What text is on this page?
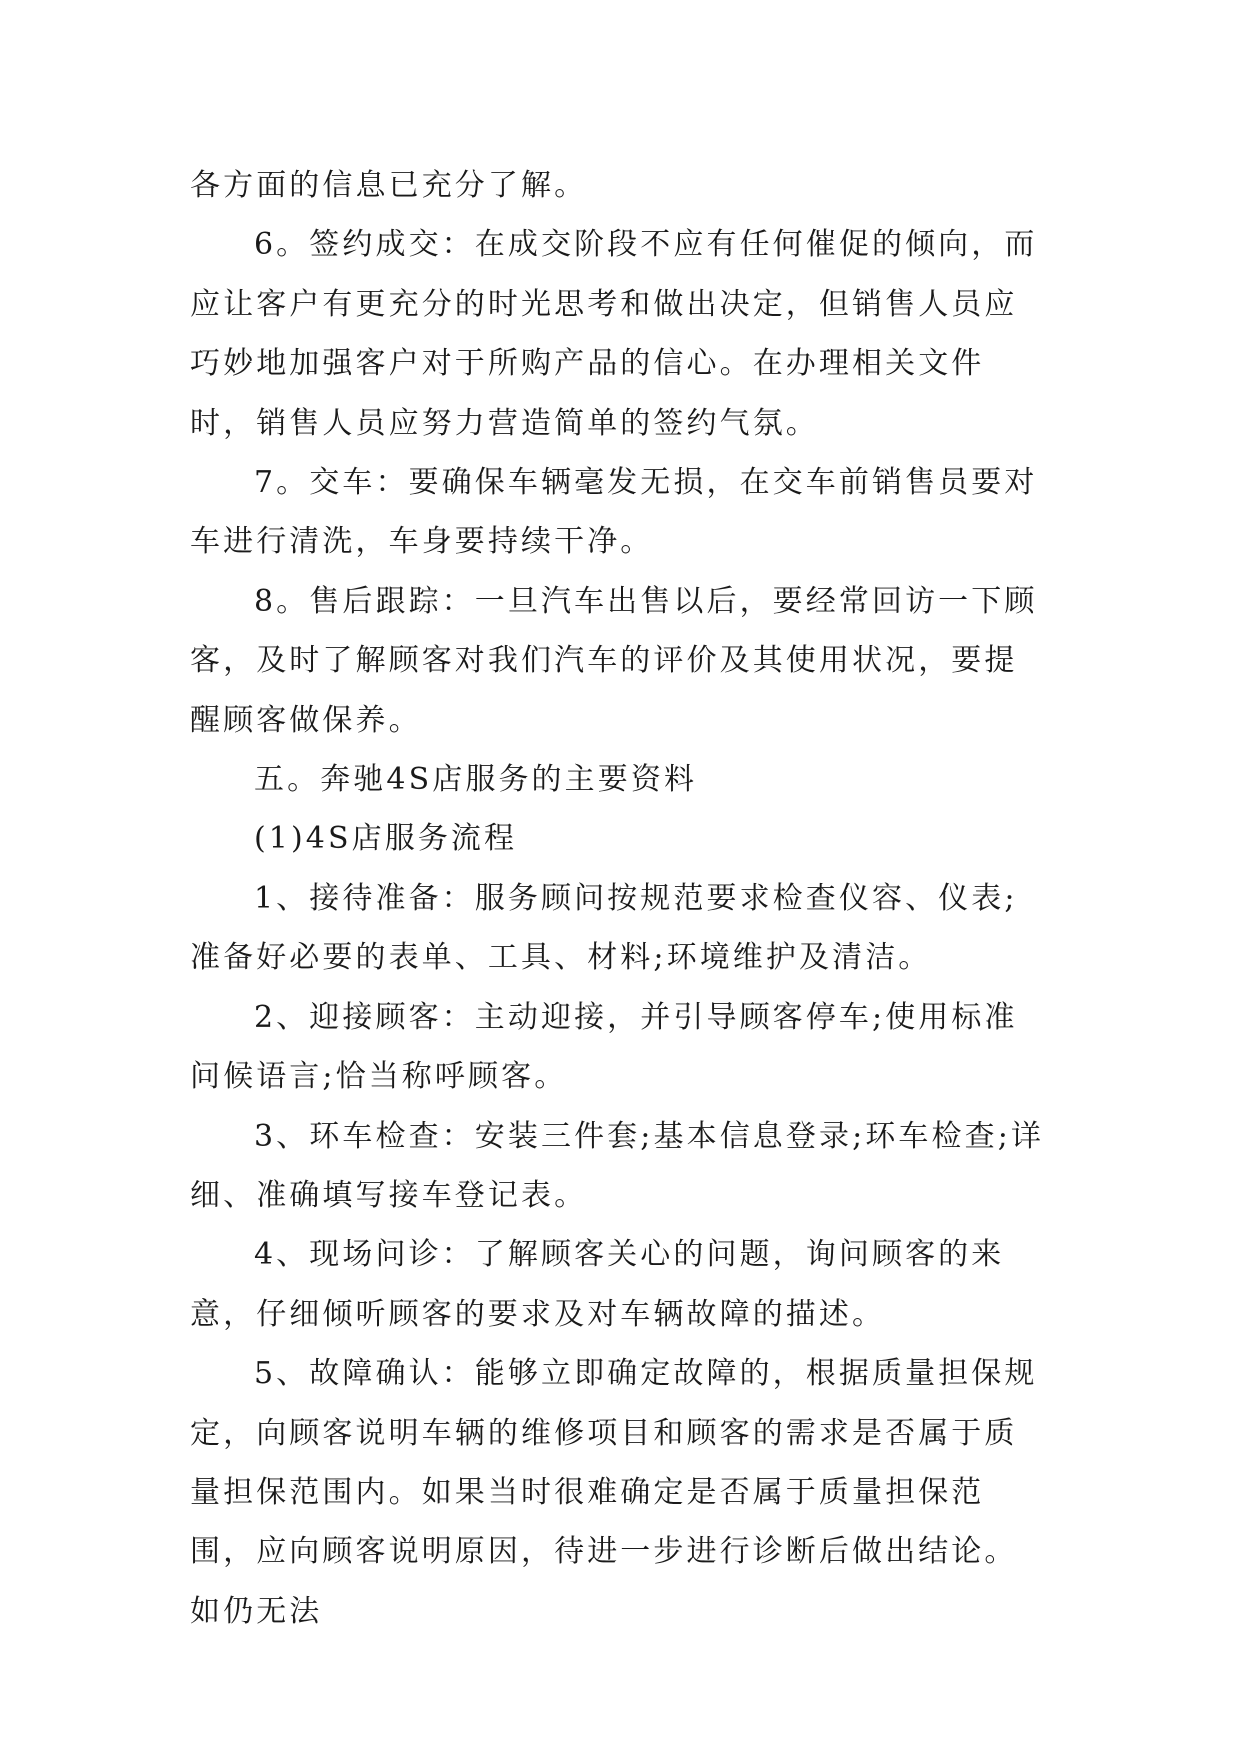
各方面的信息已充分了解。

6。签约成交：在成交阶段不应有任何催促的倾向，而应让客户有更充分的时光思考和做出决定，但销售人员应巧妙地加强客户对于所购产品的信心。在办理相关文件时，销售人员应努力营造简单的签约气氛。

7。交车：要确保车辆毫发无损，在交车前销售员要对车进行清洗，车身要持续干净。

8。售后跟踪：一旦汽车出售以后，要经常回访一下顾客，及时了解顾客对我们汽车的评价及其使用状况，要提醒顾客做保养。

五。奔驰4S店服务的主要资料

(1)4S店服务流程

1、接待准备：服务顾问按规范要求检查仪容、仪表;准备好必要的表单、工具、材料;环境维护及清洁。

2、迎接顾客：主动迎接，并引导顾客停车;使用标准问候语言;恰当称呼顾客。

3、环车检查：安装三件套;基本信息登录;环车检查;详细、准确填写接车登记表。

4、现场问诊：了解顾客关心的问题，询问顾客的来意，仔细倾听顾客的要求及对车辆故障的描述。

5、故障确认：能够立即确定故障的，根据质量担保规定，向顾客说明车辆的维修项目和顾客的需求是否属于质量担保范围内。如果当时很难确定是否属于质量担保范围，应向顾客说明原因，待进一步进行诊断后做出结论。如仍无法
